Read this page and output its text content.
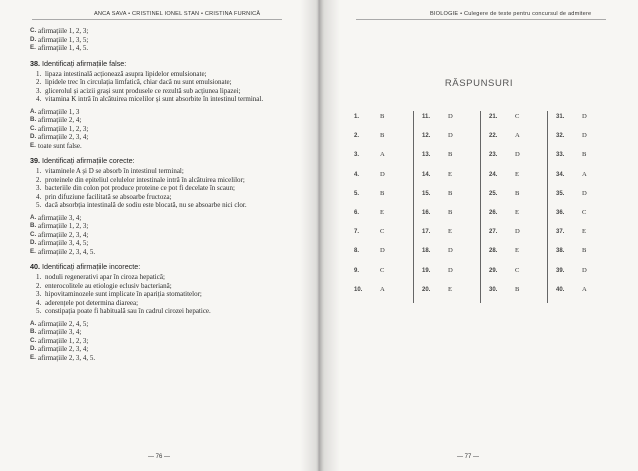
ANCA SAVA • CRISTINEL IONEL STAN • CRISTINA FURNICĂ
C. afirmațiile 1, 2, 3;
D. afirmațiile 1, 3, 5;
E. afirmațiile 1, 4, 5.
38. Identificați afirmațiile false:
1. lipaza intestinală acționează asupra lipidelor emulsionate;
2. lipidele trec în circulația limfatică, chiar dacă nu sunt emulsionate;
3. glicerolul și acizii grași sunt produsele ce rezultă sub acțiunea lipazei;
4. vitamina K intră în alcătuirea micelilor și sunt absorbite în intestinul terminal.
A. afirmațiile 1, 3
B. afirmațiile 2, 4;
C. afirmațiile 1, 2, 3;
D. afirmațiile 2, 3, 4;
E. toate sunt false.
39. Identificați afirmațiile corecte:
1. vitaminele A și D se absorb în intestinul terminal;
2. proteinele din epiteliul celulelor intestinale intră în alcătuirea micelilor;
3. bacteriile din colon pot produce proteine ce pot fi decelate în scaun;
4. prin difuziune facilitată se absoarbe fructoza;
5. dacă absorbția intestinală de sodiu este blocată, nu se absoarbe nici clor.
A. afirmațiile 3, 4;
B. afirmațiile 1, 2, 3;
C. afirmațiile 2, 3, 4;
D. afirmațiile 3, 4, 5;
E. afirmațiile 2, 3, 4, 5.
40. Identificați afirmațiile incorecte:
1. noduli regenerativi apar în ciroza hepatică;
2. enterocolitele au etiologie eclusiv bacteriană;
3. hipovitaminozele sunt implicate în apariția stomatitelor;
4. aderențele pot determina diareea;
5. constipația poate fi habituală sau în cadrul cirozei hepatice.
A. afirmațiile 2, 4, 5;
B. afirmațiile 3, 4;
C. afirmațiile 1, 2, 3;
D. afirmațiile 2, 3, 4;
E. afirmațiile 2, 3, 4, 5.
— 76 —
BIOLOGIE • Culegere de teste pentru concursul de admitere
RĂSPUNSURI
1.	B
2.	B
3.	A
4.	D
5.	B
6.	E
7.	C
8.	D
9.	C
10.	A
11.	D
12.	D
13.	B
14.	E
15.	B
16.	B
17.	E
18.	D
19.	D
20.	E
21.	C
22.	A
23.	D
24.	E
25.	B
26.	E
27.	D
28.	E
29.	C
30.	B
31.	D
32.	D
33.	B
34.	A
35.	D
36.	C
37.	E
38.	B
39.	D
40.	A
— 77 —
